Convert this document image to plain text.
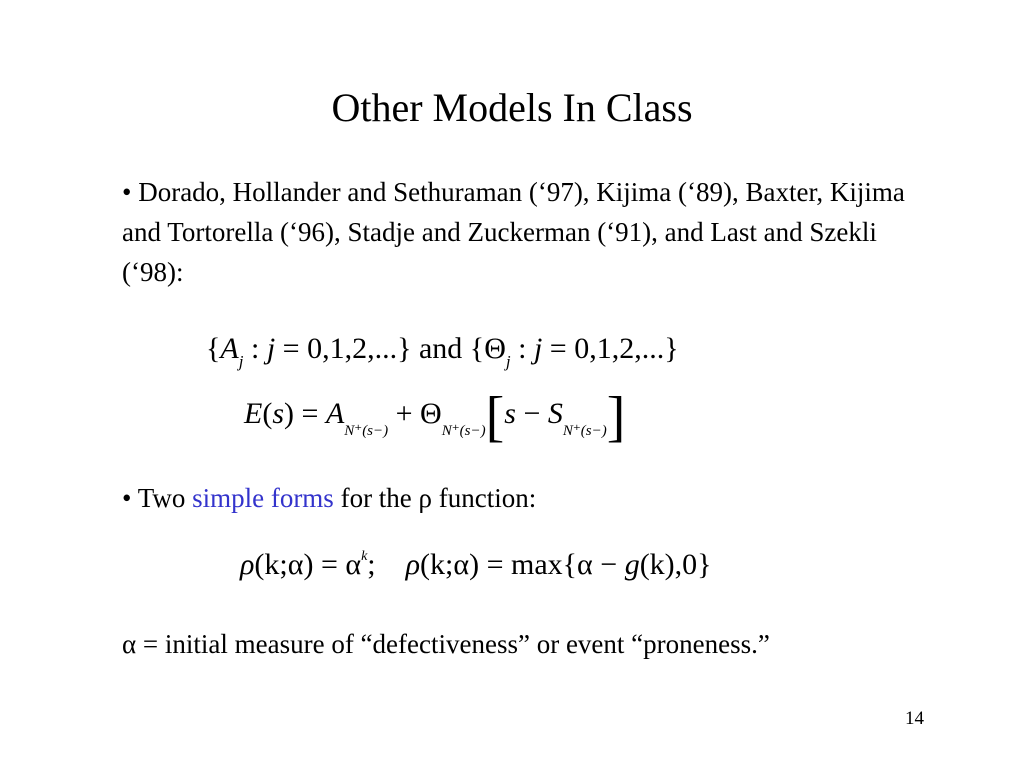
Other Models In Class
• Dorado, Hollander and Sethuraman (‘97), Kijima (‘89), Baxter, Kijima and Tortorella (‘96), Stadje and Zuckerman (‘91), and Last and Szekli (‘98):
{$A_j$ : j = 0,1,2,...} and {$\Theta_j$ : j = 0,1,2,...}
$E(s) = A_{N^+(s-)} + \Theta_{N^+(s-)}[s - S_{N^+(s-)}]$
• Two simple forms for the ρ function:
ρ(k;α) = $\alpha^k$;    ρ(k;α) = max{α − g(k),0}
α = initial measure of “defectiveness” or event “proneness.”
14
